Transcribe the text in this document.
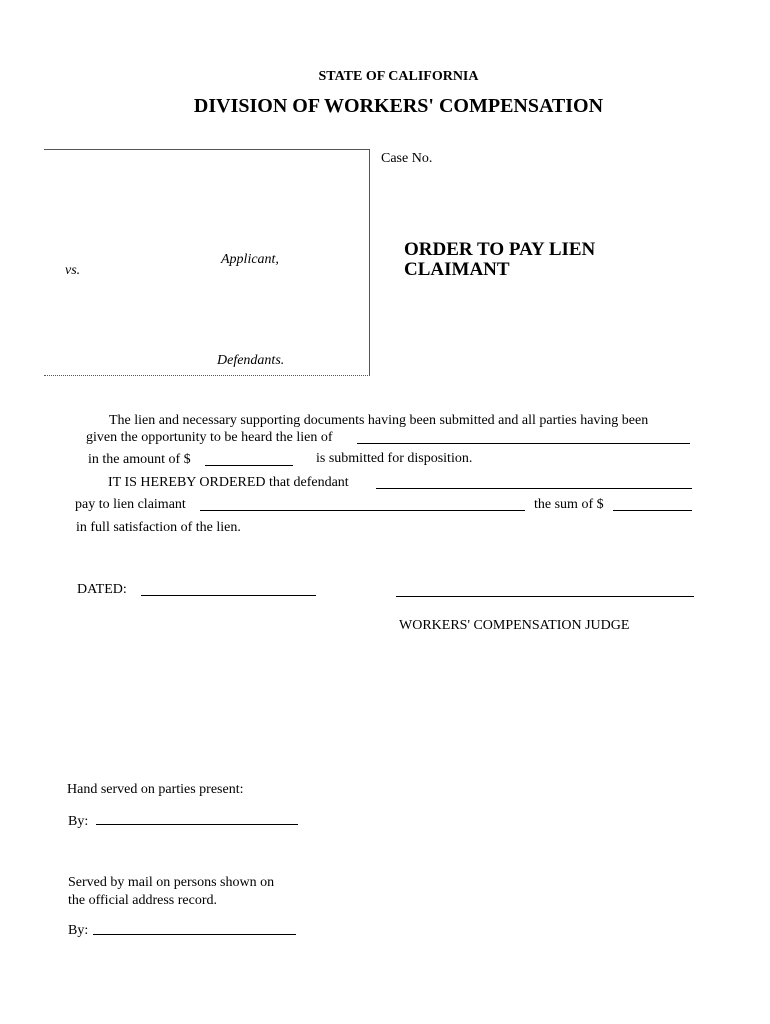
STATE OF CALIFORNIA
DIVISION OF WORKERS' COMPENSATION
Case No.
Applicant,
vs.
Defendants.
ORDER TO PAY LIEN
CLAIMANT
The lien and necessary supporting documents having been submitted and all parties having been
given the opportunity to be heard the lien of
in the amount of $	is submitted for disposition.
IT IS HEREBY ORDERED that defendant
pay to lien claimant	the sum of $
in full satisfaction of the lien.
DATED:
WORKERS' COMPENSATION JUDGE
Hand served on parties present:
By:
Served by mail on persons shown on
the official address record.
By:
